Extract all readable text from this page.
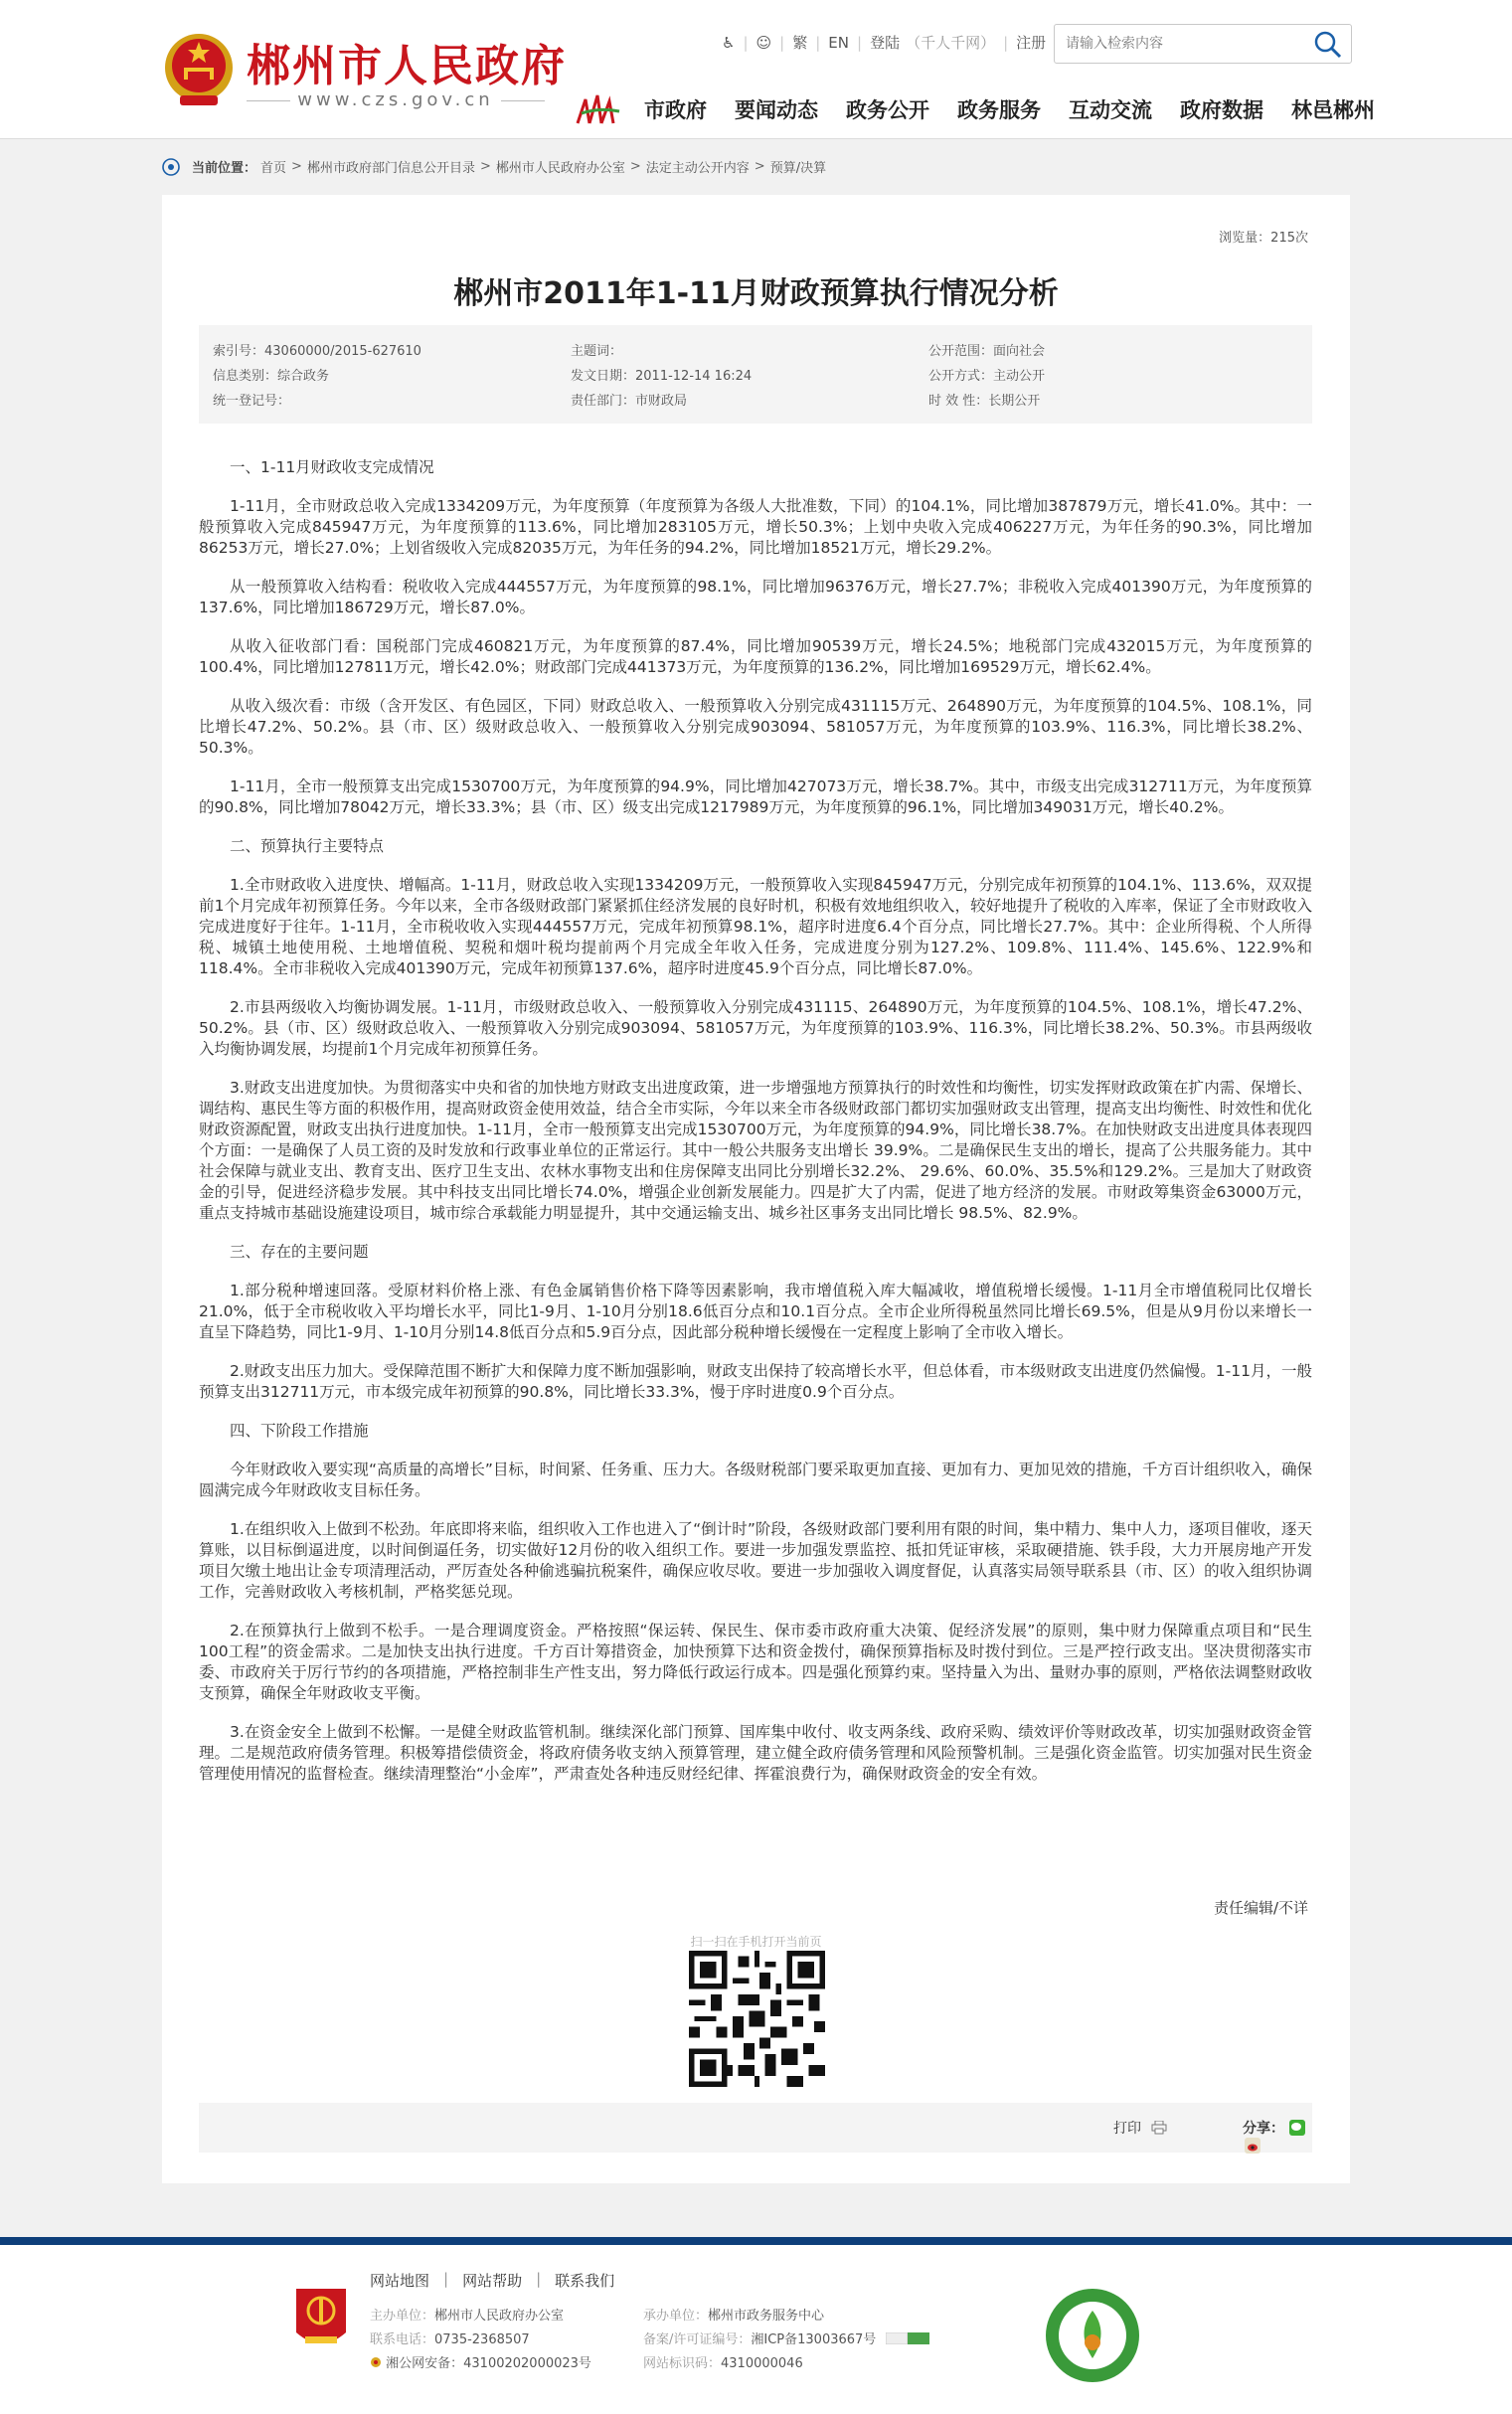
郴州市人民政府
www.czs.gov.cn
♿ | ☺ | 繁 | EN | 登陆 （千人千网） | 注册
请输入检索内容
市政府 要闻动态 政务公开 政务服务 互动交流 政府数据 林邑郴州
当前位置： 首页 > 郴州市政府部门信息公开目录 > 郴州市人民政府办公室 > 法定主动公开内容 > 预算/决算
浏览量：215次
郴州市2011年1-11月财政预算执行情况分析
索引号：43060000/2015-627610
信息类别：综合政务
统一登记号：
主题词：
发文日期：2011-12-14 16:24
责任部门：市财政局
公开范围：面向社会
公开方式：主动公开
时 效 性：长期公开

一、1-11月财政收支完成情况

1-11月，全市财政总收入完成1334209万元，为年度预算（年度预算为各级人大批准数，下同）的104.1%，同比增加387879万元，增长41.0%。其中：一般预算收入完成845947万元，为年度预算的113.6%，同比增加283105万元，增长50.3%；上划中央收入完成406227万元，为年任务的90.3%，同比增加86253万元，增长27.0%；上划省级收入完成82035万元，为年任务的94.2%，同比增加18521万元，增长29.2%。

从一般预算收入结构看：税收收入完成444557万元，为年度预算的98.1%，同比增加96376万元，增长27.7%；非税收入完成401390万元，为年度预算的137.6%，同比增加186729万元，增长87.0%。

从收入征收部门看：国税部门完成460821万元，为年度预算的87.4%，同比增加90539万元，增长24.5%；地税部门完成432015万元，为年度预算的100.4%，同比增加127811万元，增长42.0%；财政部门完成441373万元，为年度预算的136.2%，同比增加169529万元，增长62.4%。

从收入级次看：市级（含开发区、有色园区，下同）财政总收入、一般预算收入分别完成431115万元、264890万元，为年度预算的104.5%、108.1%，同比增长47.2%、50.2%。县（市、区）级财政总收入、一般预算收入分别完成903094、581057万元，为年度预算的103.9%、116.3%，同比增长38.2%、50.3%。

1-11月，全市一般预算支出完成1530700万元，为年度预算的94.9%，同比增加427073万元，增长38.7%。其中，市级支出完成312711万元，为年度预算的90.8%，同比增加78042万元，增长33.3%；县（市、区）级支出完成1217989万元，为年度预算的96.1%，同比增加349031万元，增长40.2%。

二、预算执行主要特点

1.全市财政收入进度快、增幅高。1-11月，财政总收入实现1334209万元，一般预算收入实现845947万元，分别完成年初预算的104.1%、113.6%，双双提前1个月完成年初预算任务。今年以来，全市各级财政部门紧紧抓住经济发展的良好时机，积极有效地组织收入，较好地提升了税收的入库率，保证了全市财政收入完成进度好于往年。1-11月，全市税收收入实现444557万元，完成年初预算98.1%，超序时进度6.4个百分点，同比增长27.7%。其中：企业所得税、个人所得税、城镇土地使用税、土地增值税、契税和烟叶税均提前两个月完成全年收入任务，完成进度分别为127.2%、109.8%、111.4%、145.6%、122.9%和118.4%。全市非税收入完成401390万元，完成年初预算137.6%，超序时进度45.9个百分点，同比增长87.0%。

2.市县两级收入均衡协调发展。1-11月，市级财政总收入、一般预算收入分别完成431115、264890万元，为年度预算的104.5%、108.1%，增长47.2%、50.2%。县（市、区）级财政总收入、一般预算收入分别完成903094、581057万元，为年度预算的103.9%、116.3%，同比增长38.2%、50.3%。市县两级收入均衡协调发展，均提前1个月完成年初预算任务。

3.财政支出进度加快。为贯彻落实中央和省的加快地方财政支出进度政策，进一步增强地方预算执行的时效性和均衡性，切实发挥财政政策在扩内需、保增长、调结构、惠民生等方面的积极作用，提高财政资金使用效益，结合全市实际，今年以来全市各级财政部门都切实加强财政支出管理，提高支出均衡性、时效性和优化财政资源配置，财政支出执行进度加快。1-11月，全市一般预算支出完成1530700万元，为年度预算的94.9%，同比增长38.7%。在加快财政支出进度具体表现四个方面：一是确保了人员工资的及时发放和行政事业单位的正常运行。其中一般公共服务支出增长 39.9%。二是确保民生支出的增长，提高了公共服务能力。其中社会保障与就业支出、教育支出、医疗卫生支出、农林水事物支出和住房保障支出同比分别增长32.2%、 29.6%、60.0%、35.5%和129.2%。三是加大了财政资金的引导，促进经济稳步发展。其中科技支出同比增长74.0%，增强企业创新发展能力。四是扩大了内需，促进了地方经济的发展。市财政筹集资金63000万元，重点支持城市基础设施建设项目，城市综合承载能力明显提升，其中交通运输支出、城乡社区事务支出同比增长 98.5%、82.9%。

三、存在的主要问题

1.部分税种增速回落。受原材料价格上涨、有色金属销售价格下降等因素影响，我市增值税入库大幅减收，增值税增长缓慢。1-11月全市增值税同比仅增长21.0%，低于全市税收收入平均增长水平，同比1-9月、1-10月分别18.6低百分点和10.1百分点。全市企业所得税虽然同比增长69.5%，但是从9月份以来增长一直呈下降趋势，同比1-9月、1-10月分别14.8低百分点和5.9百分点，因此部分税种增长缓慢在一定程度上影响了全市收入增长。

2.财政支出压力加大。受保障范围不断扩大和保障力度不断加强影响，财政支出保持了较高增长水平，但总体看，市本级财政支出进度仍然偏慢。1-11月，一般预算支出312711万元，市本级完成年初预算的90.8%，同比增长33.3%，慢于序时进度0.9个百分点。

四、下阶段工作措施

今年财政收入要实现“高质量的高增长”目标，时间紧、任务重、压力大。各级财税部门要采取更加直接、更加有力、更加见效的措施，千方百计组织收入，确保圆满完成今年财政收支目标任务。

1.在组织收入上做到不松劲。年底即将来临，组织收入工作也进入了“倒计时”阶段，各级财政部门要利用有限的时间，集中精力、集中人力，逐项目催收，逐天算账，以目标倒逼进度，以时间倒逼任务，切实做好12月份的收入组织工作。要进一步加强发票监控、抵扣凭证审核，采取硬措施、铁手段，大力开展房地产开发项目欠缴土地出让金专项清理活动，严厉查处各种偷逃骗抗税案件，确保应收尽收。要进一步加强收入调度督促，认真落实局领导联系县（市、区）的收入组织协调工作，完善财政收入考核机制，严格奖惩兑现。

2.在预算执行上做到不松手。一是合理调度资金。严格按照“保运转、保民生、保市委市政府重大决策、促经济发展”的原则，集中财力保障重点项目和“民生100工程”的资金需求。二是加快支出执行进度。千方百计筹措资金，加快预算下达和资金拨付，确保预算指标及时拨付到位。三是严控行政支出。坚决贯彻落实市委、市政府关于厉行节约的各项措施，严格控制非生产性支出，努力降低行政运行成本。四是强化预算约束。坚持量入为出、量财办事的原则，严格依法调整财政收支预算，确保全年财政收支平衡。

3.在资金安全上做到不松懈。一是健全财政监管机制。继续深化部门预算、国库集中收付、收支两条线、政府采购、绩效评价等财政改革，切实加强财政资金管理。二是规范政府债务管理。积极筹措偿债资金，将政府债务收支纳入预算管理，建立健全政府债务管理和风险预警机制。三是强化资金监管。切实加强对民生资金管理使用情况的监督检查。继续清理整治“小金库”，严肃查处各种违反财经纪律、挥霍浪费行为，确保财政资金的安全有效。

责任编辑/不详
扫一扫在手机打开当前页
打印	分享：
网站地图 | 网站帮助 | 联系我们
主办单位：郴州市人民政府办公室
联系电话：0735-2368507
湘公网安备：43100202000023号
承办单位：郴州市政务服务中心
备案/许可证编号：湘ICP备13003667号
网站标识码：4310000046
